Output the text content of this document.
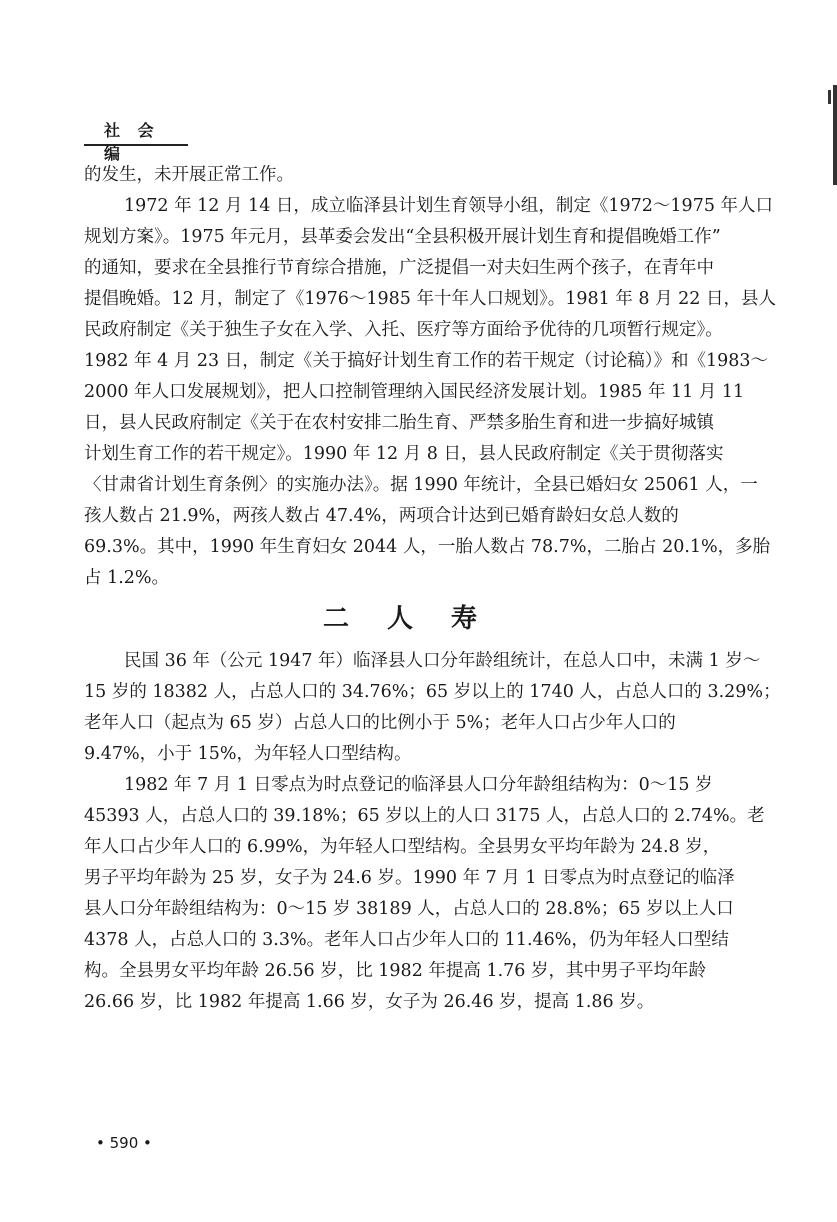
社 会 编
的发生，未开展正常工作。
1972 年 12 月 14 日，成立临泽县计划生育领导小组，制定《1972～1975 年人口
规划方案》。1975 年元月，县革委会发出“全县积极开展计划生育和提倡晚婚工作”
的通知，要求在全县推行节育综合措施，广泛提倡一对夫妇生两个孩子，在青年中
提倡晚婚。12 月，制定了《1976～1985 年十年人口规划》。1981 年 8 月 22 日，县人
民政府制定《关于独生子女在入学、入托、医疗等方面给予优待的几项暂行规定》。
1982 年 4 月 23 日，制定《关于搞好计划生育工作的若干规定（讨论稿）》和《1983～
2000 年人口发展规划》，把人口控制管理纳入国民经济发展计划。1985 年 11 月 11
日，县人民政府制定《关于在农村安排二胎生育、严禁多胎生育和进一步搞好城镇
计划生育工作的若干规定》。1990 年 12 月 8 日，县人民政府制定《关于贯彻落实
〈甘肃省计划生育条例〉的实施办法》。据 1990 年统计，全县已婚妇女 25061 人，一
孩人数占 21.9%，两孩人数占 47.4%，两项合计达到已婚育龄妇女总人数的
69.3%。其中，1990 年生育妇女 2044 人，一胎人数占 78.7%，二胎占 20.1%，多胎
占 1.2%。
二人寿
民国 36 年（公元 1947 年）临泽县人口分年龄组统计，在总人口中，未满 1 岁～
15 岁的 18382 人，占总人口的 34.76%；65 岁以上的 1740 人，占总人口的 3.29%；
老年人口（起点为 65 岁）占总人口的比例小于 5%；老年人口占少年人口的
9.47%，小于 15%，为年轻人口型结构。
1982 年 7 月 1 日零点为时点登记的临泽县人口分年龄组结构为：0～15 岁
45393 人，占总人口的 39.18%；65 岁以上的人口 3175 人，占总人口的 2.74%。老
年人口占少年人口的 6.99%，为年轻人口型结构。全县男女平均年龄为 24.8 岁，
男子平均年龄为 25 岁，女子为 24.6 岁。1990 年 7 月 1 日零点为时点登记的临泽
县人口分年龄组结构为：0～15 岁 38189 人，占总人口的 28.8%；65 岁以上人口
4378 人，占总人口的 3.3%。老年人口占少年人口的 11.46%，仍为年轻人口型结
构。全县男女平均年龄 26.56 岁，比 1982 年提高 1.76 岁，其中男子平均年龄
26.66 岁，比 1982 年提高 1.66 岁，女子为 26.46 岁，提高 1.86 岁。
• 590 •
